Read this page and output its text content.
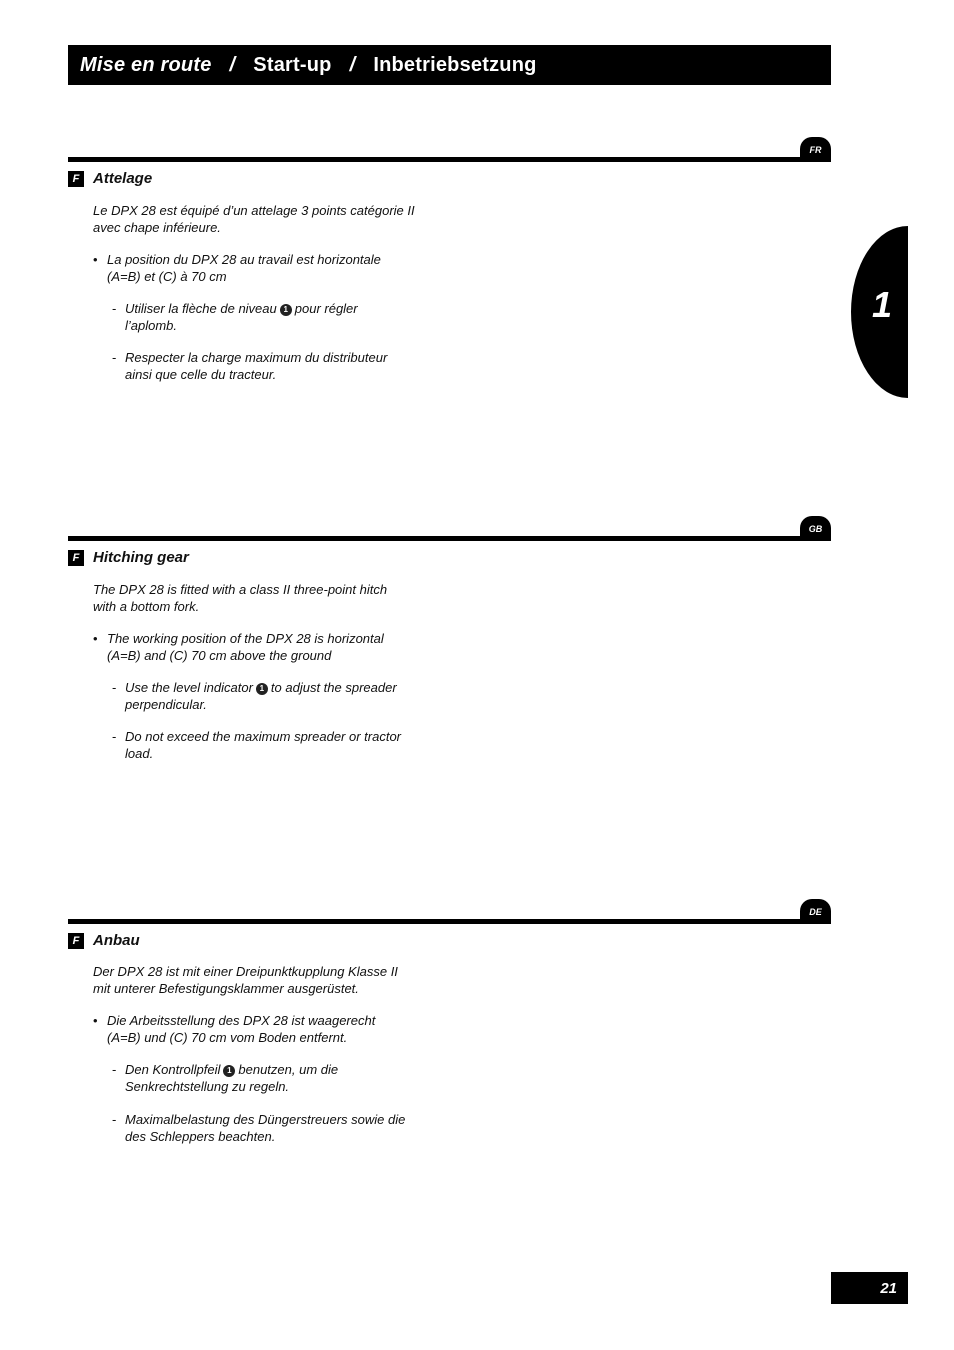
Mise en route / Start-up / Inbetriebsetzung
1
FR
F Attelage

Le DPX 28 est équipé d’un attelage 3 points catégorie II
avec chape inférieure.

• La position du DPX 28 au travail est horizontale
(A=B) et (C) à 70 cm

- Utiliser la flèche de niveau 1 pour régler
l’aplomb.

- Respecter la charge maximum du distributeur
ainsi que celle du tracteur.

GB
F Hitching gear

The DPX 28 is fitted with a class II three-point hitch
with a bottom fork.

• The working position of the DPX 28 is horizontal
(A=B) and (C) 70 cm above the ground

- Use the level indicator 1 to adjust the spreader
perpendicular.

- Do not exceed the maximum spreader or tractor
load.

DE
F Anbau

Der DPX 28 ist mit einer Dreipunktkupplung Klasse II
mit unterer Befestigungsklammer ausgerüstet.

• Die Arbeitsstellung des DPX 28 ist waagerecht
(A=B) und (C) 70 cm vom Boden entfernt.

- Den Kontrollpfeil 1 benutzen, um die
Senkrechtstellung zu regeln.

- Maximalbelastung des Düngerstreuers sowie die
des Schleppers beachten.

21
